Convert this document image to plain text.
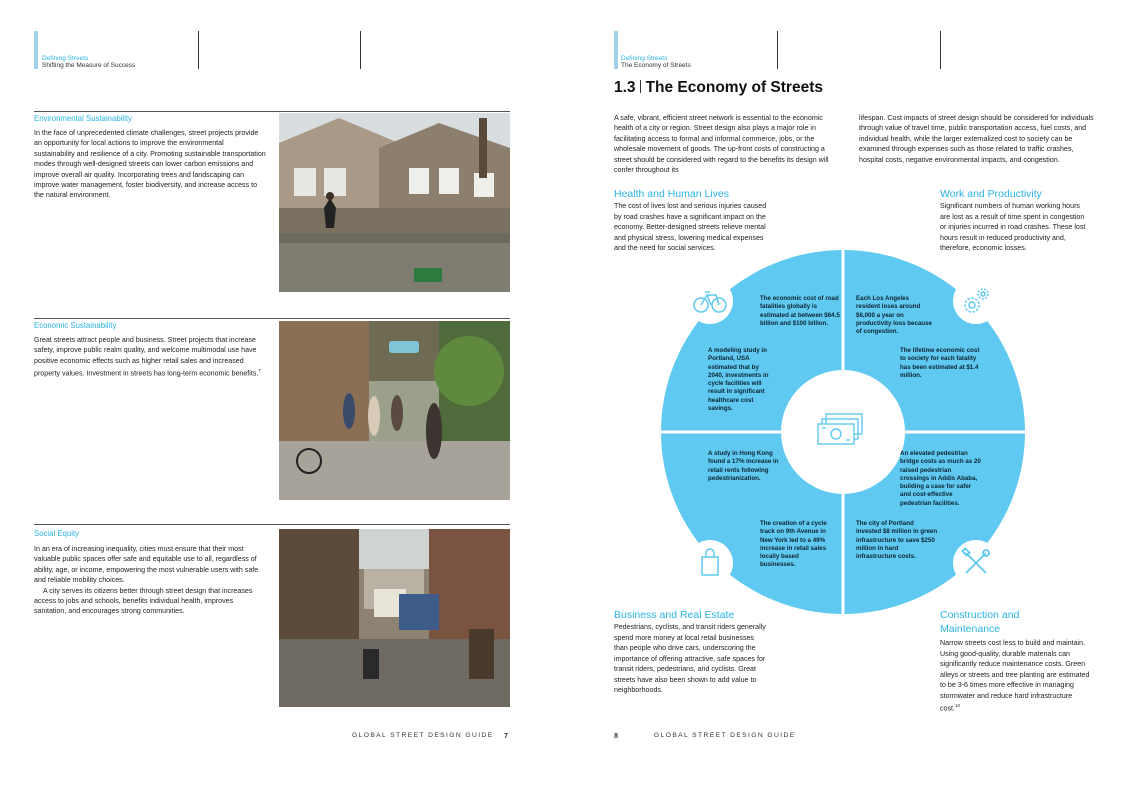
Defining Streets
Shifting the Measure of Success
Environmental Sustainability
In the face of unprecedented climate challenges, street projects provide an opportunity for local actions to improve the environmental sustainability and resilience of a city. Promoting sustainable transportation modes through well-designed streets can lower carbon emissions and improve overall air quality. Incorporating trees and landscaping can improve water management, foster biodiversity, and increase access to the natural environment.
Economic Sustainability
Great streets attract people and business. Street projects that increase safety, improve public realm quality, and welcome multimodal use have positive economic effects such as higher retail sales and increased property values. Investment in streets has long-term economic benefits.$^7$
Social Equity
In an era of increasing inequality, cities must ensure that their most valuable public spaces offer safe and equitable use to all, regardless of ability, age, or income, empowering the most vulnerable users with safe and reliable mobility choices.
A city serves its citizens better through street design that increases access to jobs and schools, benefits individual health, improves sanitation, and encourages strong communities.
GLOBAL STREET DESIGN GUIDE 7
Defining Streets
The Economy of Streets
1.3 The Economy of Streets
A safe, vibrant, efficient street network is essential to the economic health of a city or region. Street design also plays a major role in facilitating access to formal and informal commerce, jobs, or the wholesale movement of goods. The up-front costs of constructing a street should be considered with regard to the benefits its design will confer throughout its
lifespan. Cost impacts of street design should be considered for individuals through value of travel time, public transportation access, fuel costs, and individual health, while the larger externalized cost to society can be examined through expenses such as those related to traffic crashes, hospital costs, negative environmental impacts, and congestion.
Health and Human Lives
The cost of lives lost and serious injuries caused by road crashes have a significant impact on the economy. Better-designed streets relieve mental and physical stress, lowering medical expenses and the need for social services.
Work and Productivity
Significant numbers of human working hours are lost as a result of time spent in congestion or injuries incurred in road crashes. These lost hours result in reduced productivity and, therefore, economic losses.
The economic cost of road fatalities globally is estimated at between $64.5 billion and $100 billion.
Each Los Angeles resident loses around $6,000 a year on productivity loss because of congestion.
A modeling study in Portland, USA estimated that by 2040, investments in cycle facilities will result in significant healthcare cost savings.
The lifetime economic cost to society for each fatality has been estimated at $1.4 million.
A study in Hong Kong found a 17% increase in retail rents following pedestrianization.
An elevated pedestrian bridge costs as much as 20 raised pedestrian crossings in Addis Ababa, building a case for safer and cost-effective pedestrian facilities.
The creation of a cycle track on 9th Avenue in New York led to a 49% increase in retail sales locally based businesses.
The city of Portland invested $8 million in green infrastructure to save $250 million in hard infrastructure costs.
Business and Real Estate
Pedestrians, cyclists, and transit riders generally spend more money at local retail businesses than people who drive cars, underscoring the importance of offering attractive, safe spaces for transit riders, pedestrians, and cyclists. Great streets have also been shown to add value to neighborhoods.
Construction and
Maintenance
Narrow streets cost less to build and maintain. Using good-quality, durable materials can significantly reduce maintenance costs. Green alleys or streets and tree planting are estimated to be 3-6 times more effective in managing stormwater and reduce hard infrastructure cost.$^{10}$
8	GLOBAL STREET DESIGN GUIDE
